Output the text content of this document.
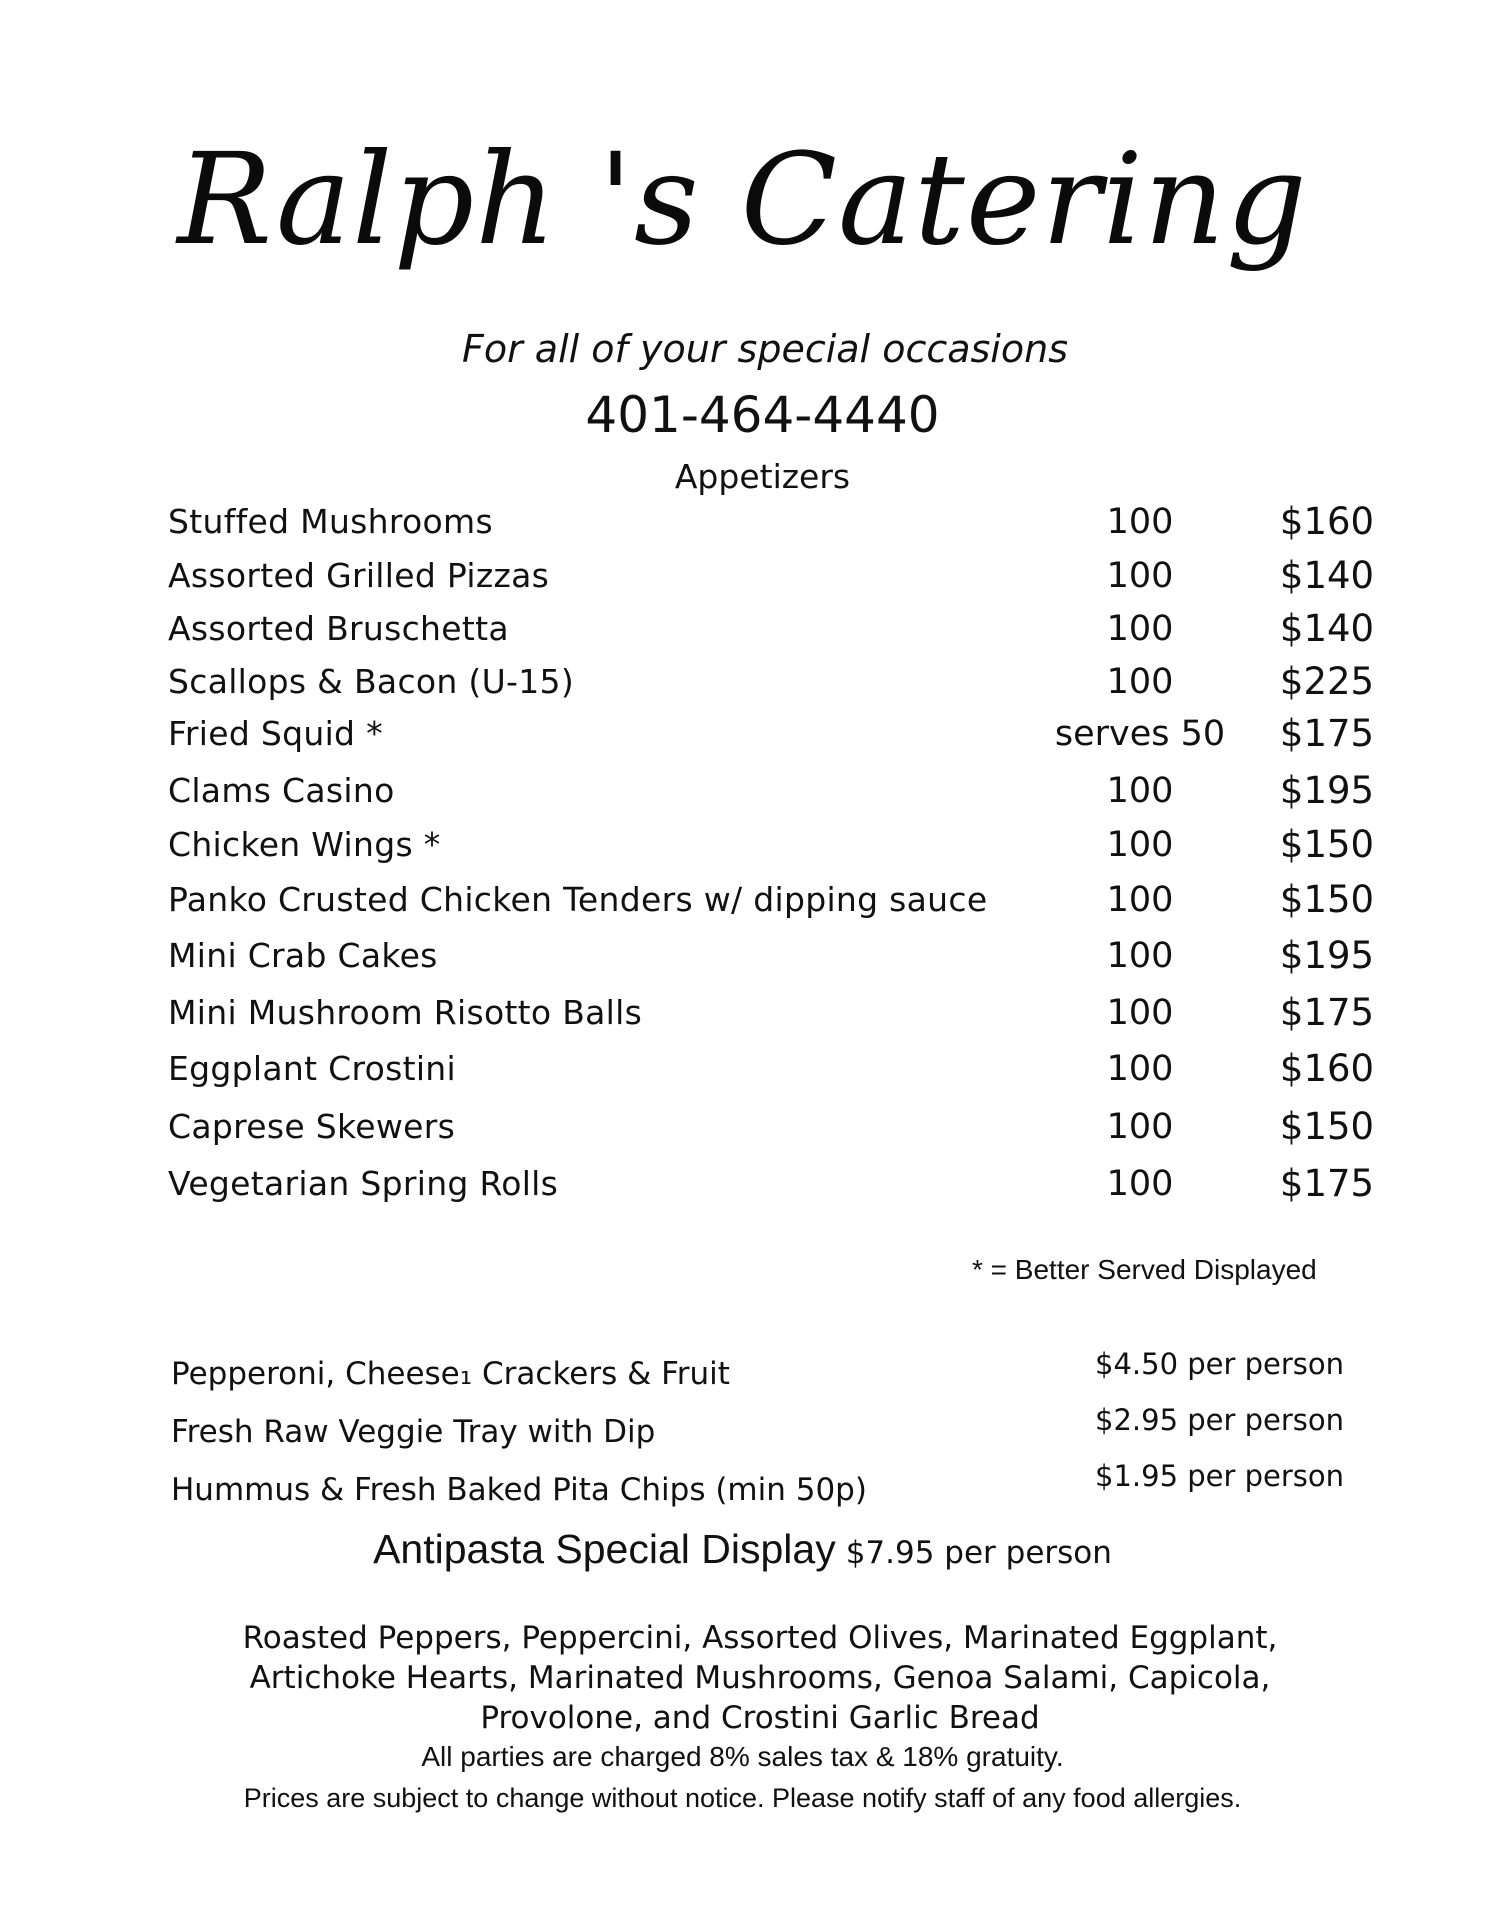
Ralph 's Catering
For all of your special occasions
401-464-4440
Appetizers
Stuffed Mushrooms	100	$160
Assorted Grilled Pizzas	100	$140
Assorted Bruschetta	100	$140
Scallops & Bacon (U-15)	100	$225
Fried Squid *	serves 50	$175
Clams Casino	100	$195
Chicken Wings *	100	$150
Panko Crusted Chicken Tenders w/ dipping sauce	100	$150
Mini Crab Cakes	100	$195
Mini Mushroom Risotto Balls	100	$175
Eggplant Crostini	100	$160
Caprese Skewers	100	$150
Vegetarian Spring Rolls	100	$175
* = Better Served Displayed
Pepperoni, Cheese₁ Crackers & Fruit	$4.50 per person
Fresh Raw Veggie Tray with Dip	$2.95 per person
Hummus & Fresh Baked Pita Chips (min 50p)	$1.95 per person
Antipasta Special Display $7.95 per person
Roasted Peppers, Peppercini, Assorted Olives, Marinated Eggplant, Artichoke Hearts, Marinated Mushrooms, Genoa Salami, Capicola, Provolone, and Crostini Garlic Bread
All parties are charged 8% sales tax & 18% gratuity.
Prices are subject to change without notice. Please notify staff of any food allergies.
